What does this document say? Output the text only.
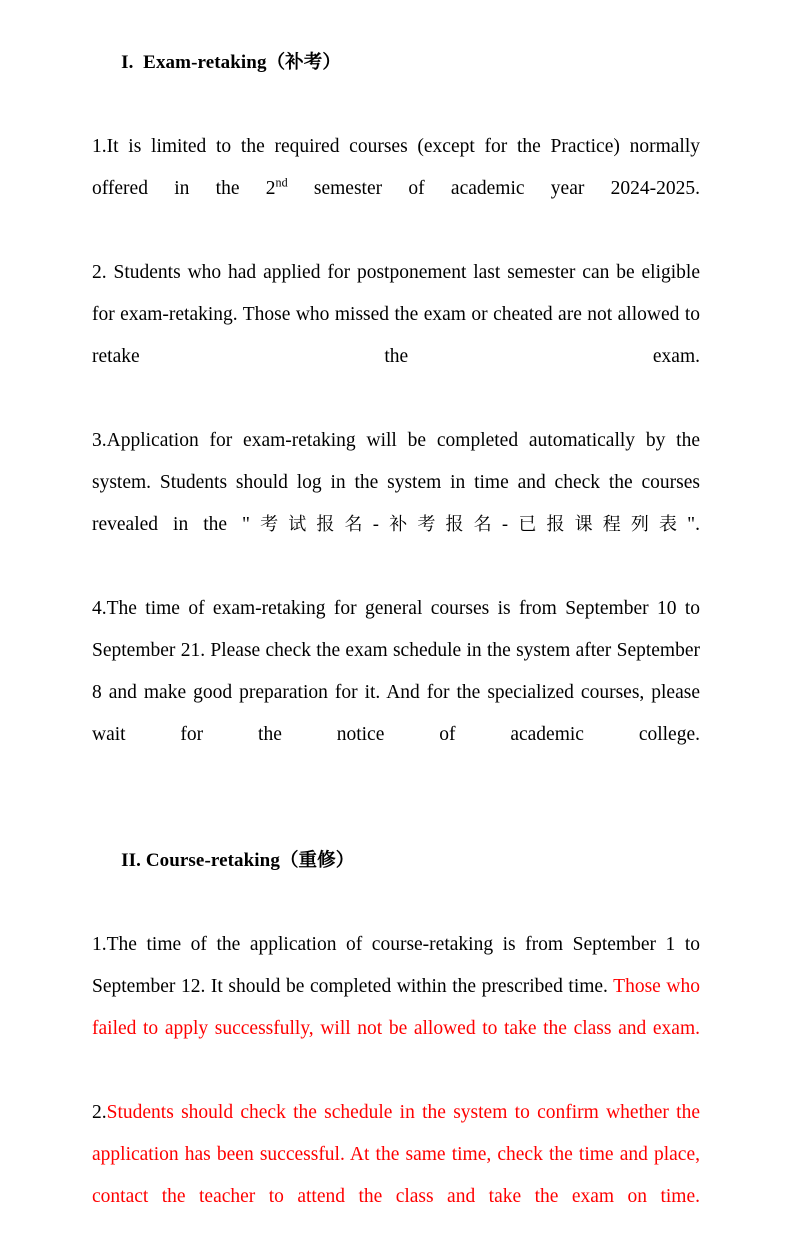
I. Exam-retaking（补考）

1.It is limited to the required courses (except for the Practice) normally offered in the 2nd semester of academic year 2024-2025.

2. Students who had applied for postponement last semester can be eligible for exam-retaking. Those who missed the exam or cheated are not allowed to retake the exam.

3.Application for exam-retaking will be completed automatically by the system. Students should log in the system in time and check the courses revealed in the "考试报名-补考报名-已报课程列表".

4.The time of exam-retaking for general courses is from September 10 to September 21. Please check the exam schedule in the system after September 8 and make good preparation for it. And for the specialized courses, please wait for the notice of academic college.

II. Course-retaking（重修）

1.The time of the application of course-retaking is from September 1 to September 12. It should be completed within the prescribed time. Those who failed to apply successfully, will not be allowed to take the class and exam.

2.Students should check the schedule in the system to confirm whether the application has been successful. At the same time, check the time and place, contact the teacher to attend the class and take the exam on time.
